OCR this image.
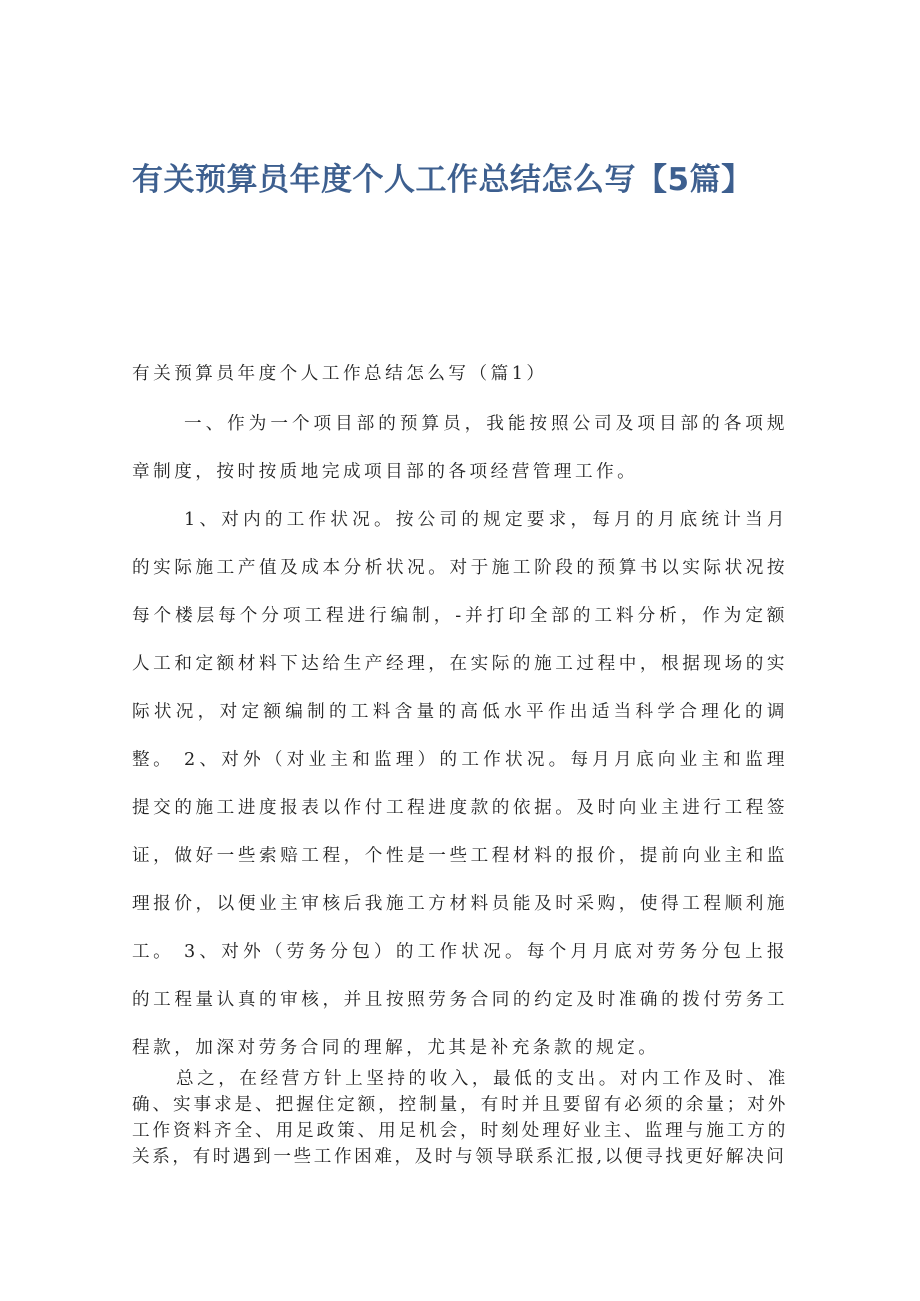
有关预算员年度个人工作总结怎么写【5篇】

有关预算员年度个人工作总结怎么写（篇1）

一、作为一个项目部的预算员，我能按照公司及项目部的各项规章制度，按时按质地完成项目部的各项经营管理工作。

1、对内的工作状况。按公司的规定要求，每月的月底统计当月的实际施工产值及成本分析状况。对于施工阶段的预算书以实际状况按每个楼层每个分项工程进行编制，-并打印全部的工料分析，作为定额人工和定额材料下达给生产经理，在实际的施工过程中，根据现场的实际状况，对定额编制的工料含量的高低水平作出适当科学合理化的调整。 2、对外（对业主和监理）的工作状况。每月月底向业主和监理提交的施工进度报表以作付工程进度款的依据。及时向业主进行工程签证，做好一些索赔工程，个性是一些工程材料的报价，提前向业主和监理报价，以便业主审核后我施工方材料员能及时采购，使得工程顺利施工。 3、对外（劳务分包）的工作状况。每个月月底对劳务分包上报的工程量认真的审核，并且按照劳务合同的约定及时准确的拨付劳务工程款，加深对劳务合同的理解，尤其是补充条款的规定。

总之，在经营方针上坚持的收入，最低的支出。对内工作及时、准确、实事求是、把握住定额，控制量，有时并且要留有必须的余量；对外工作资料齐全、用足政策、用足机会，时刻处理好业主、监理与施工方的关系，有时遇到一些工作困难，及时与领导联系汇报,以便寻找更好解决问
